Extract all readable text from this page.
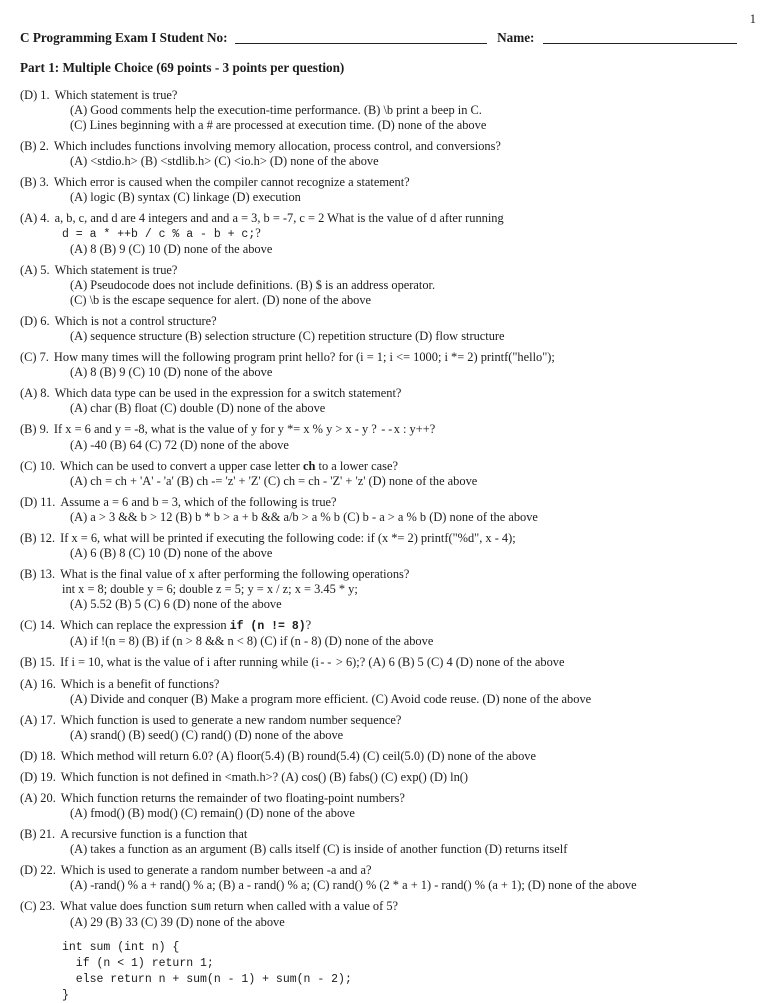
1
C Programming Exam I Student No:	Name:
Part 1: Multiple Choice (69 points - 3 points per question)
(D) 1. Which statement is true?
(A) Good comments help the execution-time performance. (B) \b print a beep in C.
(C) Lines beginning with a # are processed at execution time. (D) none of the above
(B) 2. Which includes functions involving memory allocation, process control, and conversions?
(A) <stdio.h> (B) <stdlib.h> (C) <io.h> (D) none of the above
(B) 3. Which error is caused when the compiler cannot recognize a statement?
(A) logic (B) syntax (C) linkage (D) execution
(A) 4. a, b, c, and d are 4 integers and and a = 3, b = -7, c = 2 What is the value of d after running
d = a * ++b / c % a - b + c;?
(A) 8 (B) 9 (C) 10 (D) none of the above
(A) 5. Which statement is true?
(A) Pseudocode does not include definitions. (B) $ is an address operator.
(C) \b is the escape sequence for alert. (D) none of the above
(D) 6. Which is not a control structure?
(A) sequence structure (B) selection structure (C) repetition structure (D) flow structure
(C) 7. How many times will the following program print hello? for (i = 1; i <= 1000; i *= 2) printf("hello");
(A) 8 (B) 9 (C) 10 (D) none of the above
(A) 8. Which data type can be used in the expression for a switch statement?
(A) char (B) float (C) double (D) none of the above
(B) 9. If x = 6 and y = -8, what is the value of y for y *= x % y > x - y ? --x : y++?
(A) -40 (B) 64 (C) 72 (D) none of the above
(C) 10. Which can be used to convert a upper case letter ch to a lower case?
(A) ch = ch + 'A' - 'a' (B) ch -= 'z' + 'Z' (C) ch = ch - 'Z' + 'z' (D) none of the above
(D) 11. Assume a = 6 and b = 3, which of the following is true?
(A) a > 3 && b > 12 (B) b * b > a + b && a/b > a % b (C) b - a > a % b (D) none of the above
(B) 12. If x = 6, what will be printed if executing the following code: if (x *= 2) printf("%d", x - 4);
(A) 6 (B) 8 (C) 10 (D) none of the above
(B) 13. What is the final value of x after performing the following operations?
int x = 8; double y = 6; double z = 5; y = x / z; x = 3.45 * y;
(A) 5.52 (B) 5 (C) 6 (D) none of the above
(C) 14. Which can replace the expression if (n != 8)?
(A) if !(n = 8) (B) if (n > 8 && n < 8) (C) if (n - 8) (D) none of the above
(B) 15. If i = 10, what is the value of i after running while (i-- > 6);? (A) 6 (B) 5 (C) 4 (D) none of the above
(A) 16. Which is a benefit of functions?
(A) Divide and conquer (B) Make a program more efficient. (C) Avoid code reuse. (D) none of the above
(A) 17. Which function is used to generate a new random number sequence?
(A) srand() (B) seed() (C) rand() (D) none of the above
(D) 18. Which method will return 6.0? (A) floor(5.4) (B) round(5.4) (C) ceil(5.0) (D) none of the above
(D) 19. Which function is not defined in <math.h>? (A) cos() (B) fabs() (C) exp() (D) ln()
(A) 20. Which function returns the remainder of two floating-point numbers?
(A) fmod() (B) mod() (C) remain() (D) none of the above
(B) 21. A recursive function is a function that
(A) takes a function as an argument (B) calls itself (C) is inside of another function (D) returns itself
(D) 22. Which is used to generate a random number between -a and a?
(A) -rand() % a + rand() % a; (B) a - rand() % a; (C) rand() % (2 * a + 1) - rand() % (a + 1); (D) none of the above
(C) 23. What value does function sum return when called with a value of 5?
(A) 29 (B) 33 (C) 39 (D) none of the above
int sum (int n) {
if (n < 1) return 1;
else return n + sum(n - 1) + sum(n - 2);
}
